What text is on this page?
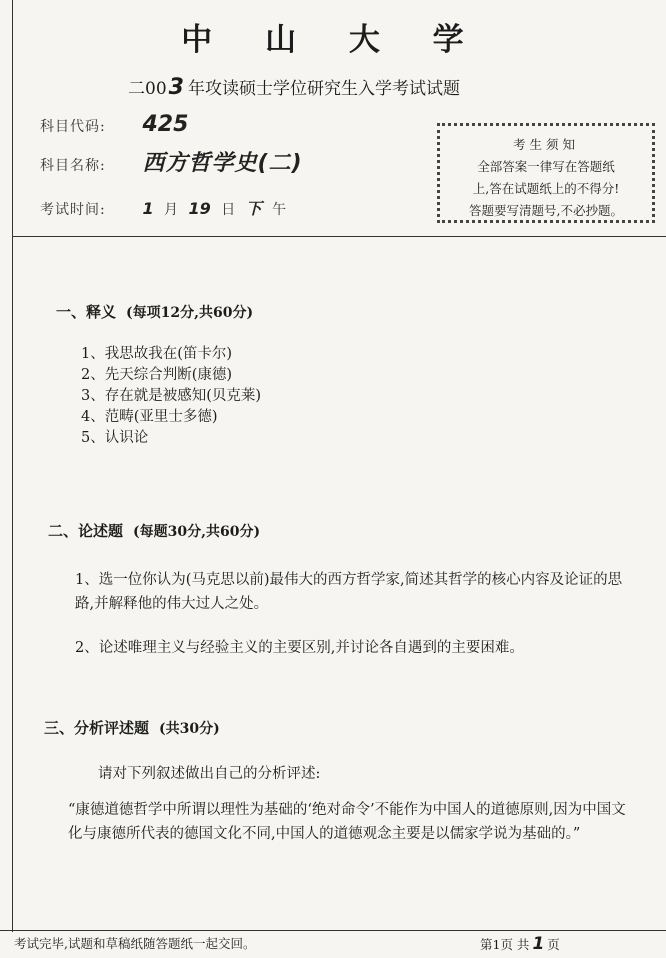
中 山 大 学
二003 年攻读硕士学位研究生入学考试试题
科目代码: 425
科目名称: 西方哲学史(二)
考试时间: 1 月 19 日 下 午
考生须知
全部答案一律写在答题纸
上,答在试题纸上的不得分!
答题要写清题号,不必抄题。
一、释义 (每项12分,共60分)
1、我思故我在(笛卡尔)
2、先天综合判断(康德)
3、存在就是被感知(贝克莱)
4、范畴(亚里士多德)
5、认识论
二、论述题 (每题30分,共60分)
1、选一位你认为(马克思以前)最伟大的西方哲学家,简述其哲学的核心内容及论证的思路,并解释他的伟大过人之处。
2、论述唯理主义与经验主义的主要区别,并讨论各自遇到的主要困难。
三、分析评述题 (共30分)
请对下列叙述做出自己的分析评述:
“康德道德哲学中所谓以理性为基础的‘绝对命令’不能作为中国人的道德原则,因为中国文化与康德所代表的德国文化不同,中国人的道德观念主要是以儒家学说为基础的。”
考试完毕,试题和草稿纸随答题纸一起交回。	第1页 共 1 页
